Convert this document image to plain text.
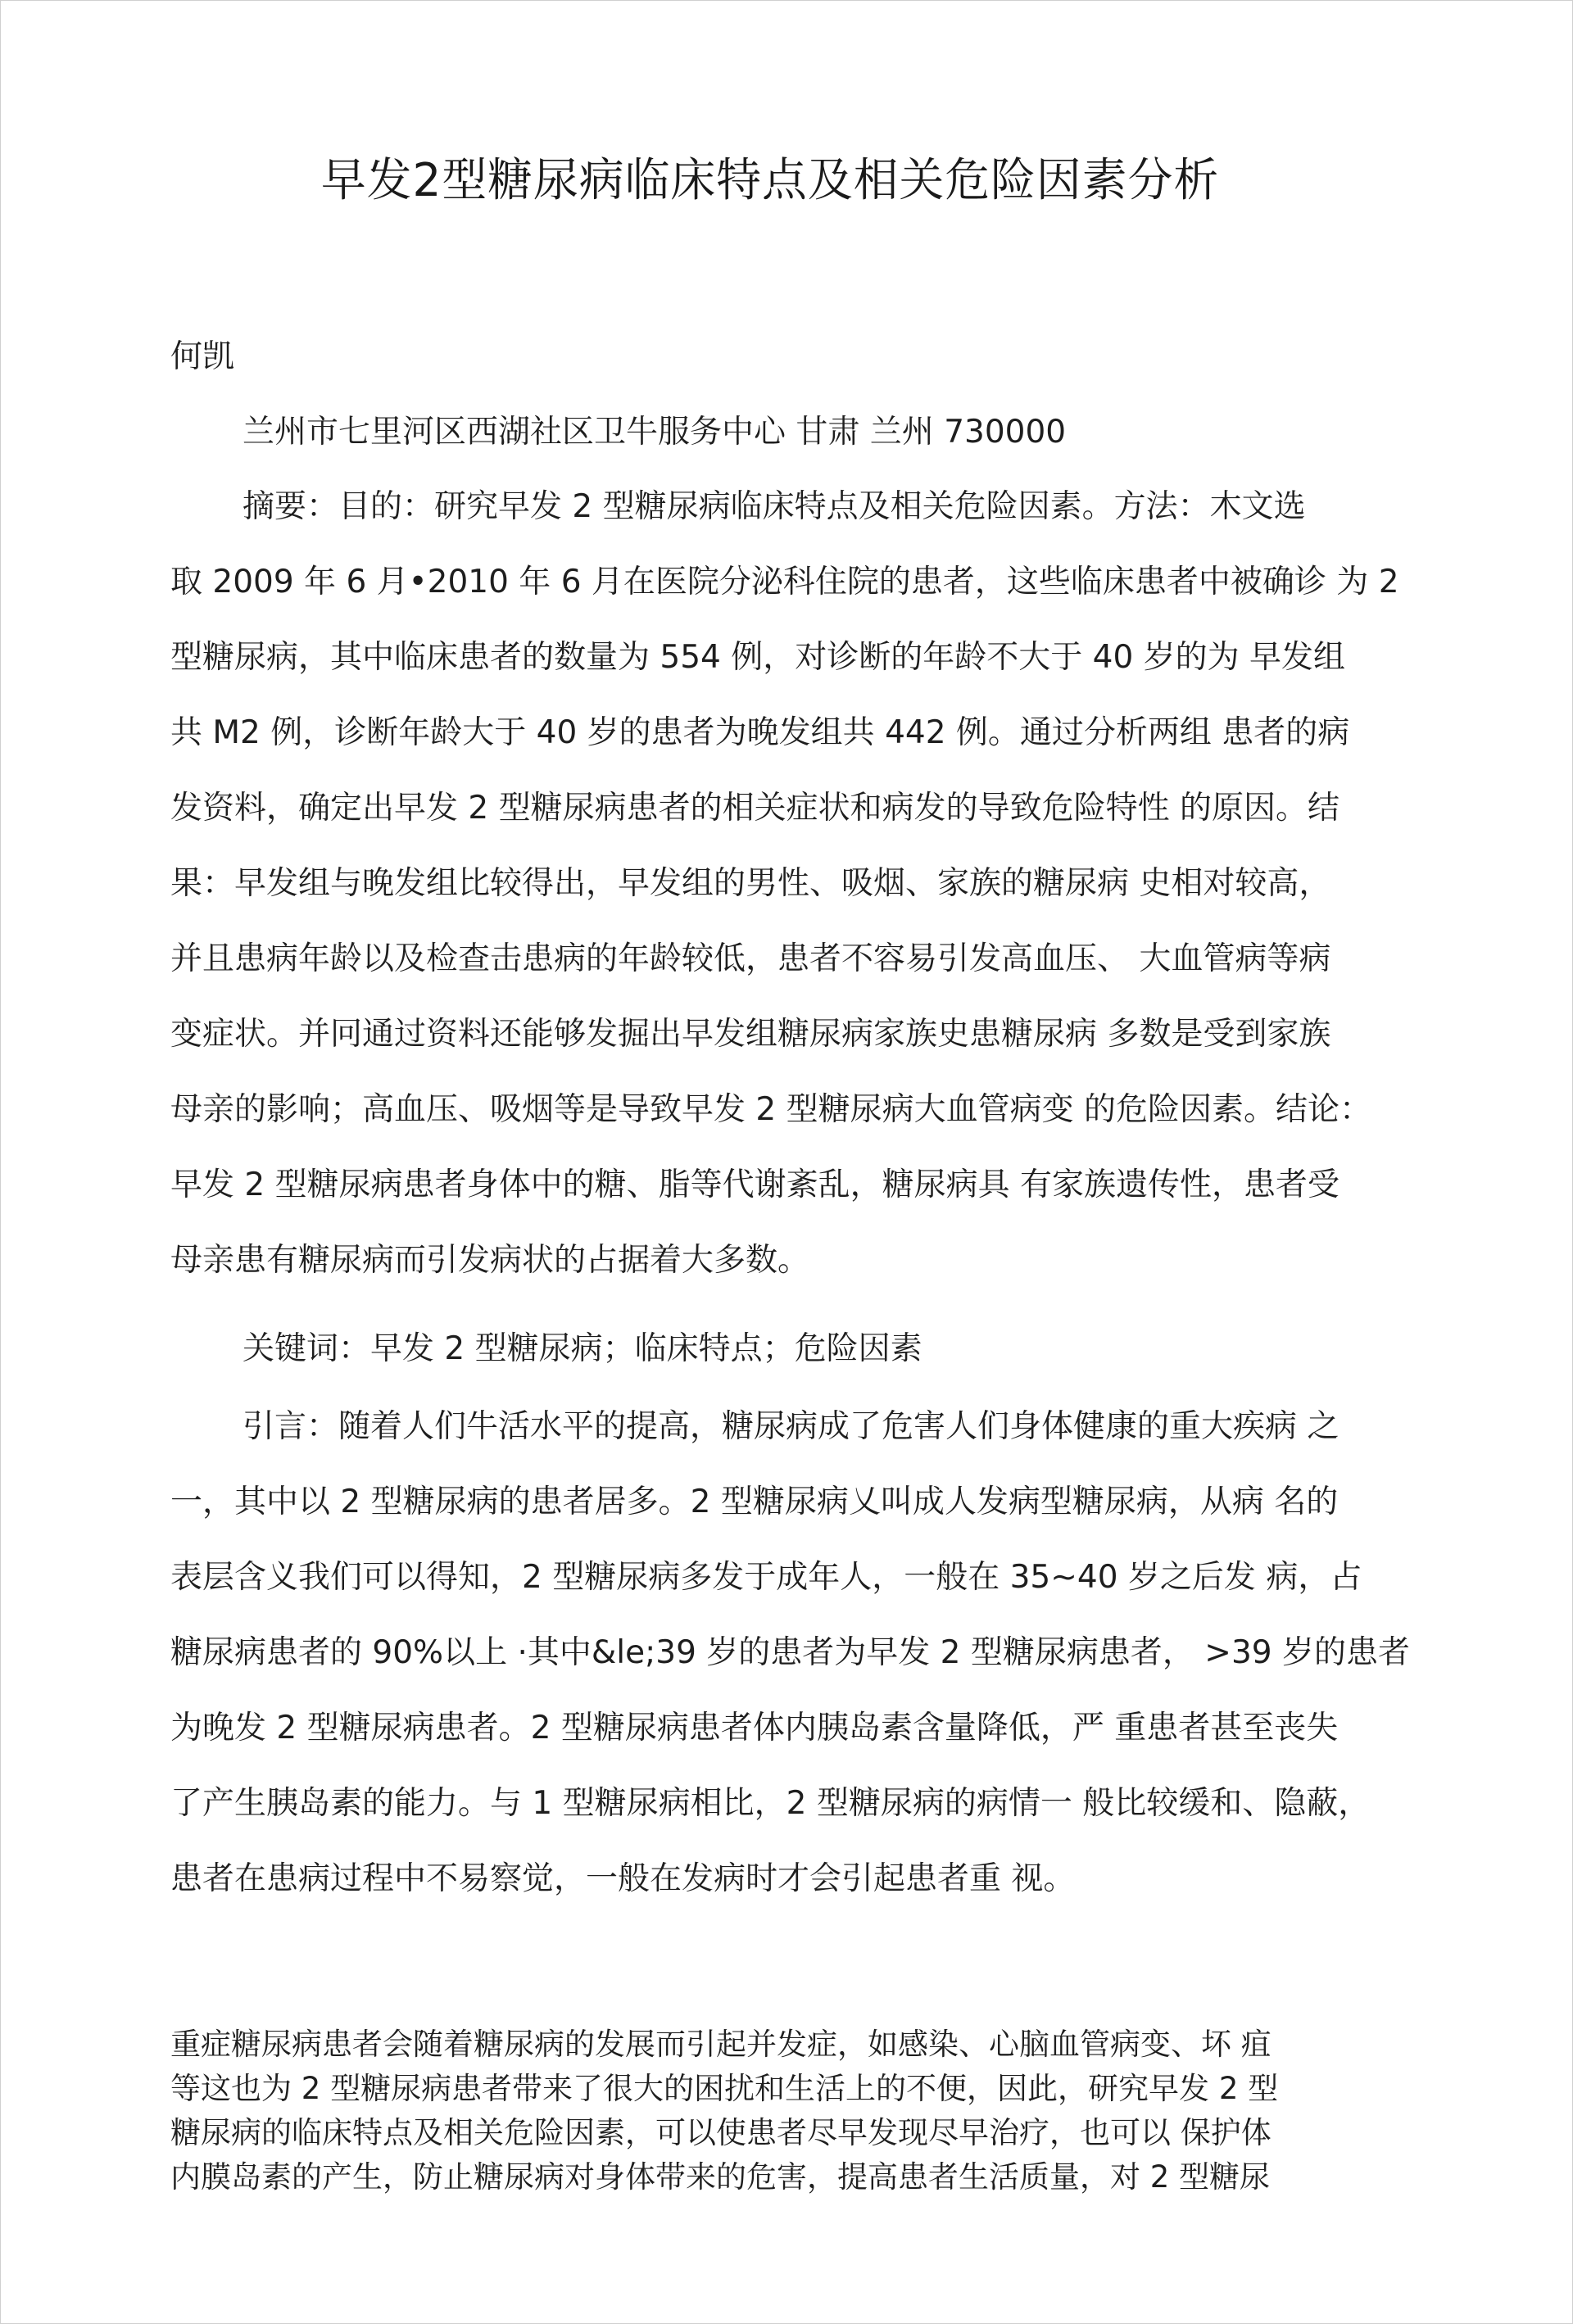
早发2型糖尿病临床特点及相关危险因素分析
何凯
兰州市七里河区西湖社区卫牛服务中心 甘肃 兰州 730000
摘要：目的：研究早发 2 型糖尿病临床特点及相关危险因素。方法：木文选
取 2009 年 6 月•2010 年 6 月在医院分泌科住院的患者，这些临床患者中被确诊 为 2
型糖尿病，其中临床患者的数量为 554 例，对诊断的年龄不大于 40 岁的为 早发组
共 M2 例，诊断年龄大于 40 岁的患者为晚发组共 442 例。通过分析两组 患者的病
发资料，确定出早发 2 型糖尿病患者的相关症状和病发的导致危险特性 的原因。结
果：早发组与晚发组比较得出，早发组的男性、吸烟、家族的糖尿病 史相对较高，
并且患病年龄以及检查击患病的年龄较低，患者不容易引发高血压、 大血管病等病
变症状。并冋通过资料还能够发掘出早发组糖尿病家族史患糖尿病 多数是受到家族
母亲的影响；高血压、吸烟等是导致早发 2 型糖尿病大血管病变 的危险因素。结论：
早发 2 型糖尿病患者身体中的糖、脂等代谢紊乱，糖尿病具 有家族遗传性，患者受
母亲患有糖尿病而引发病状的占据着大多数。
关键词：早发 2 型糖尿病；临床特点；危险因素
引言：随着人们牛活水平的提高，糖尿病成了危害人们身体健康的重大疾病 之
一，其中以 2 型糖尿病的患者居多。2 型糖尿病乂叫成人发病型糖尿病，从病 名的
表层含义我们可以得知，2 型糖尿病多发于成年人，一般在 35~40 岁之后发 病，占
糖尿病患者的 90%以上 ·其中&le;39 岁的患者为早发 2 型糖尿病患者， >39 岁的患者
为晚发 2 型糖尿病患者。2 型糖尿病患者体内胰岛素含量降低，严 重患者甚至丧失
了产生胰岛素的能力。与 1 型糖尿病相比，2 型糖尿病的病情一 般比较缓和、隐蔽，
患者在患病过程中不易察觉，一般在发病时才会引起患者重 视。
重症糖尿病患者会随着糖尿病的发展而引起并发症，如感染、心脑血管病变、坏 疽
等这也为 2 型糖尿病患者带来了很大的困扰和生活上的不便，因此，研究早发 2 型
糖尿病的临床特点及相关危险因素，可以使患者尽早发现尽早治疗，也可以 保护体
内膜岛素的产生，防止糖尿病对身体带来的危害，提高患者生活质量，对 2 型糖尿
